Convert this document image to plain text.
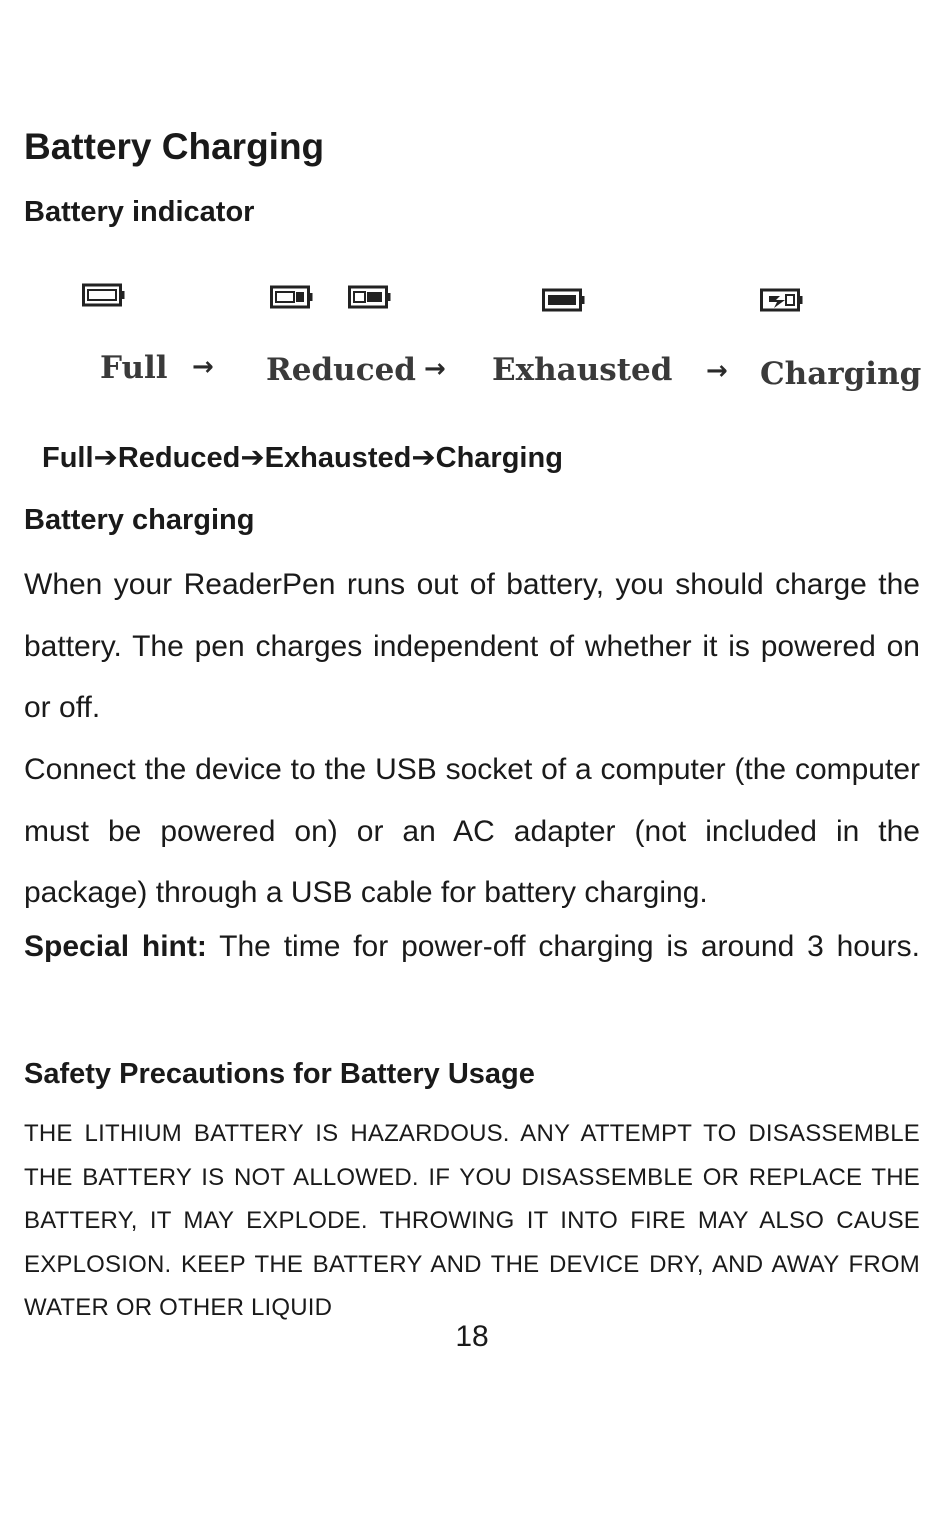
Battery Charging
Battery indicator
Full → Reduced → Exhausted → Charging
Full➔Reduced➔Exhausted➔Charging
Battery charging
When your ReaderPen runs out of battery, you should charge the battery. The pen charges independent of whether it is powered on or off.
Connect the device to the USB socket of a computer (the computer must be powered on) or an AC adapter (not included in the package) through a USB cable for battery charging.
Special hint: The time for power-off charging is around 3 hours.
Safety Precautions for Battery Usage
THE LITHIUM BATTERY IS HAZARDOUS. ANY ATTEMPT TO DISASSEMBLE THE BATTERY IS NOT ALLOWED. IF YOU DISASSEMBLE OR REPLACE THE BATTERY, IT MAY EXPLODE. THROWING IT INTO FIRE MAY ALSO CAUSE EXPLOSION. KEEP THE BATTERY AND THE DEVICE DRY, AND AWAY FROM WATER OR OTHER LIQUID
18
